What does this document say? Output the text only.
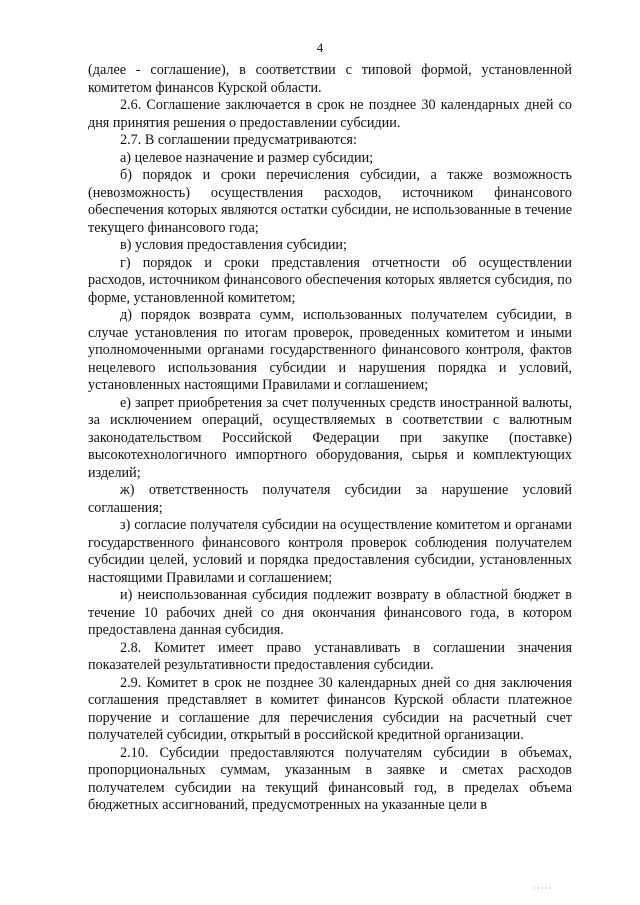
4

(далее - соглашение), в соответствии с типовой формой, установленной комитетом финансов Курской области.

2.6. Соглашение заключается в срок не позднее 30 календарных дней со дня принятия решения о предоставлении субсидии.

2.7. В соглашении предусматриваются:

а) целевое назначение и размер субсидии;

б) порядок и сроки перечисления субсидии, а также возможность (невозможность) осуществления расходов, источником финансового обеспечения которых являются остатки субсидии, не использованные в течение текущего финансового года;

в) условия предоставления субсидии;

г) порядок и сроки представления отчетности об осуществлении расходов, источником финансового обеспечения которых является субсидия, по форме, установленной комитетом;

д) порядок возврата сумм, использованных получателем субсидии, в случае установления по итогам проверок, проведенных комитетом и иными уполномоченными органами государственного финансового контроля, фактов нецелевого использования субсидии и нарушения порядка и условий, установленных настоящими Правилами и соглашением;

е) запрет приобретения за счет полученных средств иностранной валюты, за исключением операций, осуществляемых в соответствии с валютным законодательством Российской Федерации при закупке (поставке) высокотехнологичного импортного оборудования, сырья и комплектующих изделий;

ж) ответственность получателя субсидии за нарушение условий соглашения;

з) согласие получателя субсидии на осуществление комитетом и органами государственного финансового контроля проверок соблюдения получателем субсидии целей, условий и порядка предоставления субсидии, установленных настоящими Правилами и соглашением;

и) неиспользованная субсидия подлежит возврату в областной бюджет в течение 10 рабочих дней со дня окончания финансового года, в котором предоставлена данная субсидия.

2.8. Комитет имеет право устанавливать в соглашении значения показателей результативности предоставления субсидии.

2.9. Комитет в срок не позднее 30 календарных дней со дня заключения соглашения представляет в комитет финансов Курской области платежное поручение и соглашение для перечисления субсидии на расчетный счет получателей субсидии, открытый в российской кредитной организации.

2.10. Субсидии предоставляются получателям субсидии в объемах, пропорциональных суммам, указанным в заявке и сметах расходов получателем субсидии на текущий финансовый год, в пределах объема бюджетных ассигнований, предусмотренных на указанные цели в

·····
